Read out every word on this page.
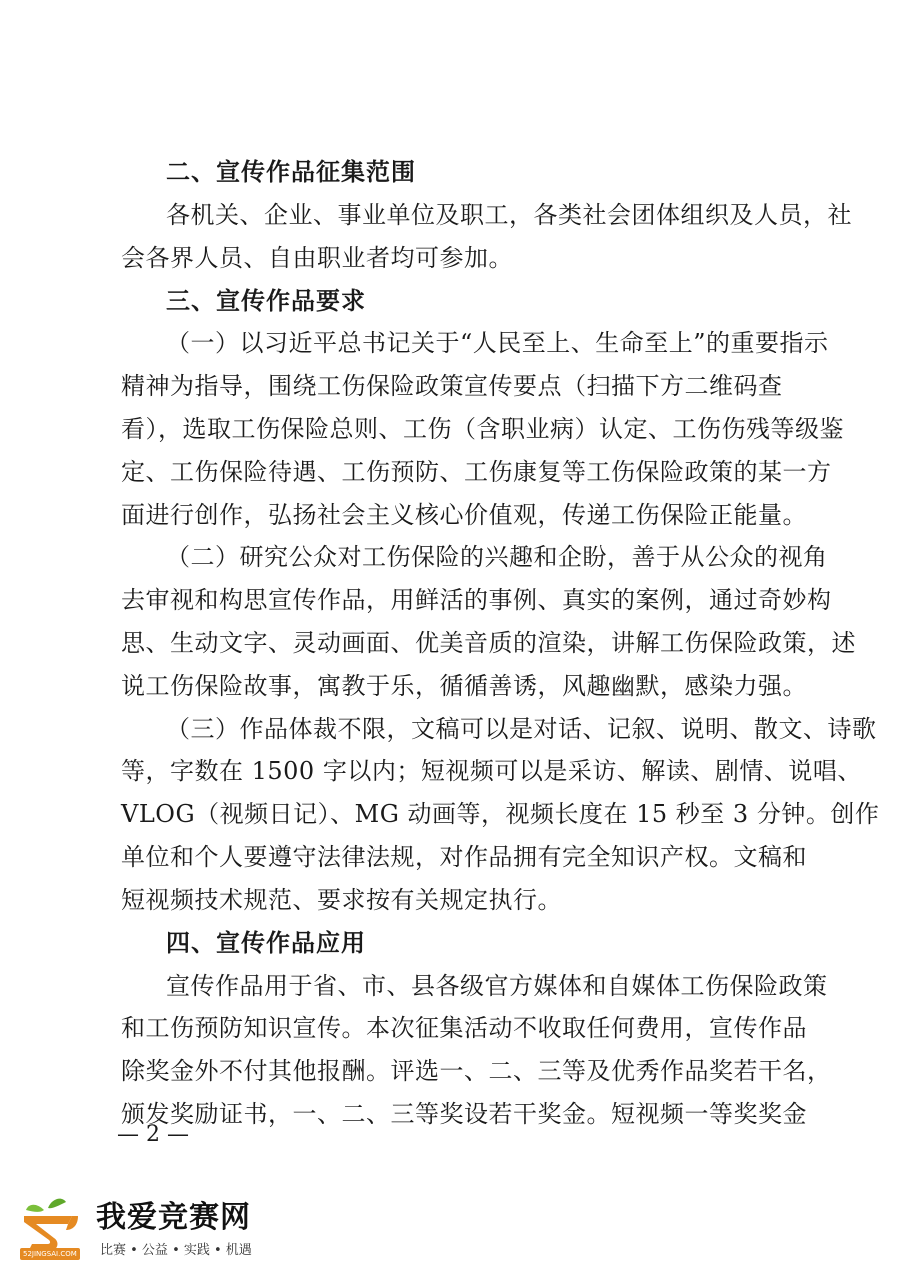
二、宣传作品征集范围
各机关、企业、事业单位及职工，各类社会团体组织及人员，社
会各界人员、自由职业者均可参加。
三、宣传作品要求
（一）以习近平总书记关于“人民至上、生命至上”的重要指示
精神为指导，围绕工伤保险政策宣传要点（扫描下方二维码查
看），选取工伤保险总则、工伤（含职业病）认定、工伤伤残等级鉴
定、工伤保险待遇、工伤预防、工伤康复等工伤保险政策的某一方
面进行创作，弘扬社会主义核心价值观，传递工伤保险正能量。
（二）研究公众对工伤保险的兴趣和企盼，善于从公众的视角
去审视和构思宣传作品，用鲜活的事例、真实的案例，通过奇妙构
思、生动文字、灵动画面、优美音质的渲染，讲解工伤保险政策，述
说工伤保险故事，寓教于乐，循循善诱，风趣幽默，感染力强。
（三）作品体裁不限，文稿可以是对话、记叙、说明、散文、诗歌
等，字数在 1500 字以内；短视频可以是采访、解读、剧情、说唱、
VLOG（视频日记）、MG 动画等，视频长度在 15 秒至 3 分钟。创作
单位和个人要遵守法律法规，对作品拥有完全知识产权。文稿和
短视频技术规范、要求按有关规定执行。
四、宣传作品应用
宣传作品用于省、市、县各级官方媒体和自媒体工伤保险政策
和工伤预防知识宣传。本次征集活动不收取任何费用，宣传作品
除奖金外不付其他报酬。评选一、二、三等及优秀作品奖若干名，
颁发奖励证书，一、二、三等奖设若干奖金。短视频一等奖奖金
— 2 —
52JINGSAI.COM
我爱竞赛网
比赛 • 公益 • 实践 • 机遇
